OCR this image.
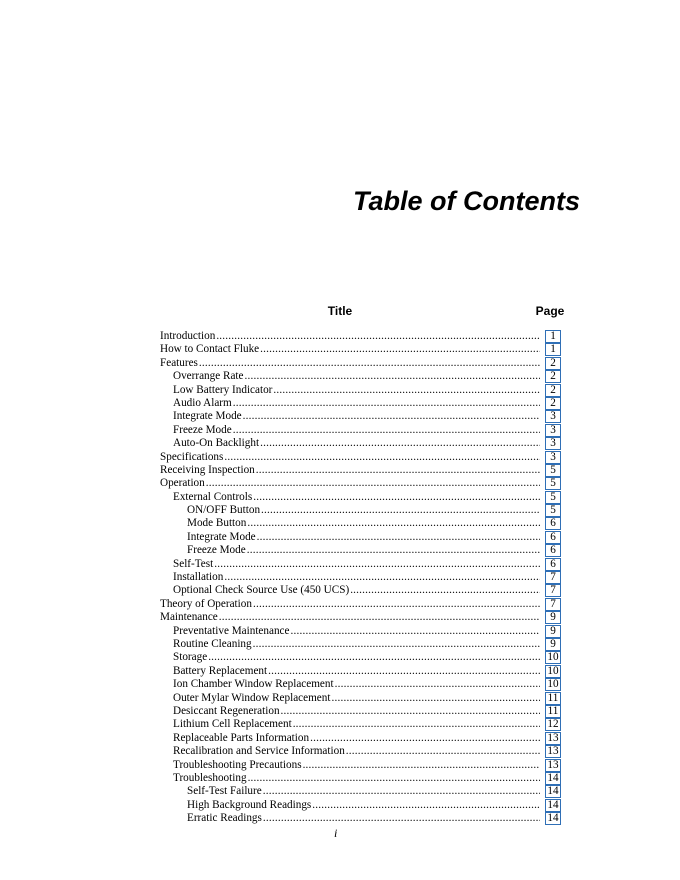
Table of Contents
Title	Page
Introduction .....	1
How to Contact Fluke .....	1
Features .....	2
Overrange Rate .....	2
Low Battery Indicator .....	2
Audio Alarm .....	2
Integrate Mode .....	3
Freeze Mode .....	3
Auto-On Backlight .....	3
Specifications .....	3
Receiving Inspection .....	5
Operation .....	5
External Controls .....	5
ON/OFF Button .....	5
Mode Button .....	6
Integrate Mode .....	6
Freeze Mode .....	6
Self-Test .....	6
Installation .....	7
Optional Check Source Use (450 UCS) .....	7
Theory of Operation .....	7
Maintenance .....	9
Preventative Maintenance .....	9
Routine Cleaning .....	9
Storage .....	10
Battery Replacement .....	10
Ion Chamber Window Replacement .....	10
Outer Mylar Window Replacement .....	11
Desiccant Regeneration .....	11
Lithium Cell Replacement .....	12
Replaceable Parts Information .....	13
Recalibration and Service Information .....	13
Troubleshooting Precautions .....	13
Troubleshooting .....	14
Self-Test Failure .....	14
High Background Readings .....	14
Erratic Readings .....	14
i
